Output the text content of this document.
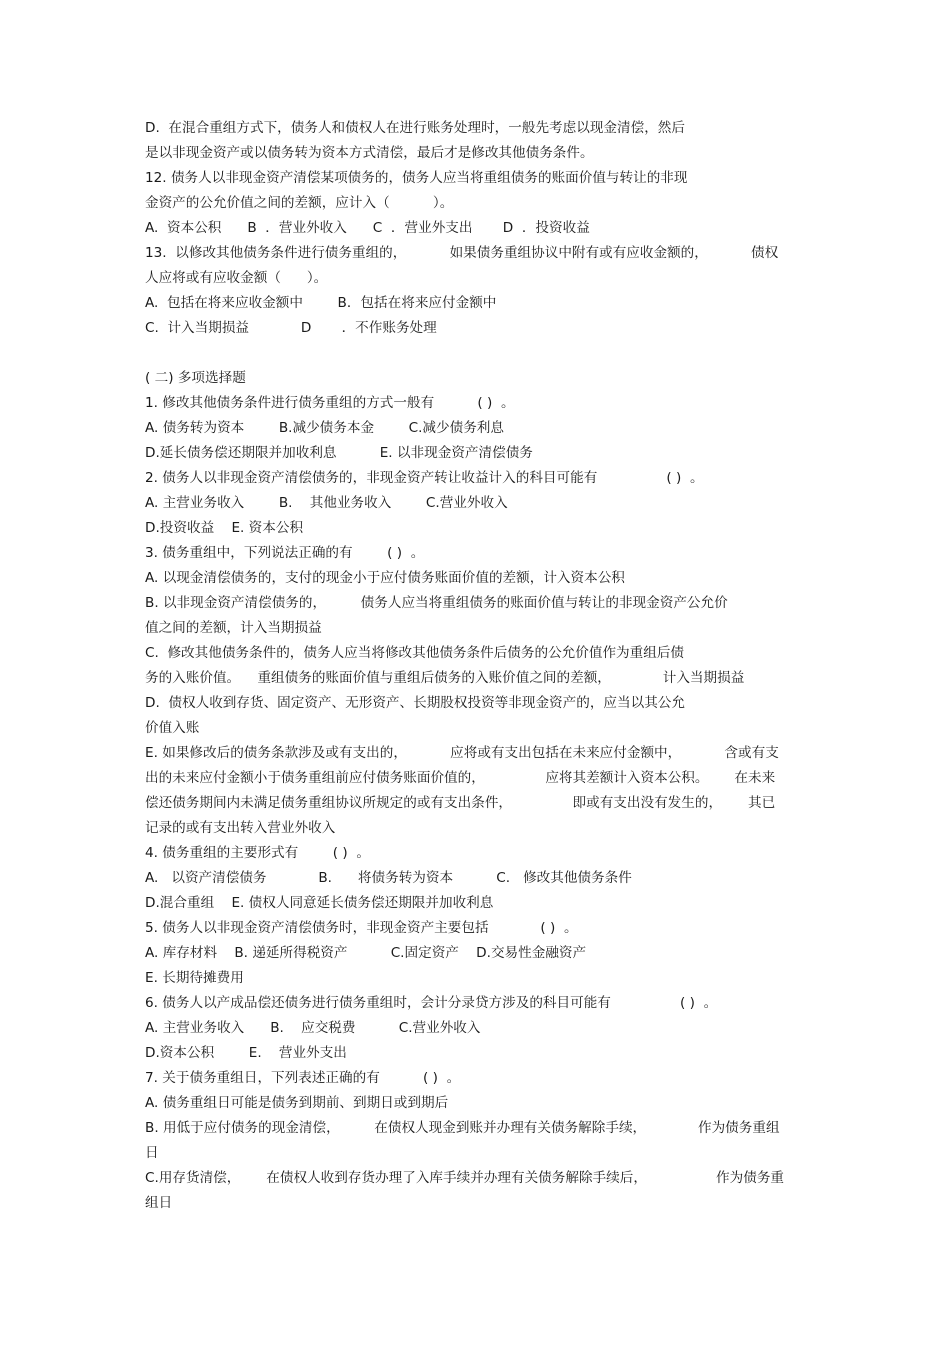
D.  在混合重组方式下，债务人和债权人在进行账务处理时，一般先考虑以现金清偿，然后
是以非现金资产或以债务转为资本方式清偿，最后才是修改其他债务条件。
12. 债务人以非现金资产清偿某项债务的，债务人应当将重组债务的账面价值与转让的非现
金资产的公允价值之间的差额，应计入（          ）。
A.  资本公积      B  ．营业外收入      C  ．营业外支出       D  ．投资收益
13.  以修改其他债务条件进行债务重组的，          如果债务重组协议中附有或有应收金额的，          债权
人应将或有应收金额（      ）。
A.  包括在将来应收金额中        B．包括在将来应付金额中
C.  计入当期损益            D       ．不作账务处理
( 二) 多项选择题
1. 修改其他债务条件进行债务重组的方式一般有          ( )  。
A. 债务转为资本        B.减少债务本金        C.减少债务利息
D.延长债务偿还期限并加收利息          E. 以非现金资产清偿债务
2. 债务人以非现金资产清偿债务的，非现金资产转让收益计入的科目可能有                ( )  。
A. 主营业务收入        B.    其他业务收入        C.营业外收入
D.投资收益    E. 资本公积
3. 债务重组中，下列说法正确的有        ( )  。
A. 以现金清偿债务的，支付的现金小于应付债务账面价值的差额，计入资本公积
B. 以非现金资产清偿债务的，        债务人应当将重组债务的账面价值与转让的非现金资产公允价
值之间的差额，计入当期损益
C.  修改其他债务条件的，债务人应当将修改其他债务条件后债务的公允价值作为重组后债
务的入账价值。    重组债务的账面价值与重组后债务的入账价值之间的差额，            计入当期损益
D.  债权人收到存货、固定资产、无形资产、长期股权投资等非现金资产的，应当以其公允
价值入账
E. 如果修改后的债务条款涉及或有支出的，          应将或有支出包括在未来应付金额中，          含或有支
出的未来应付金额小于债务重组前应付债务账面价值的，              应将其差额计入资本公积。      在未来
偿还债务期间内未满足债务重组协议所规定的或有支出条件，              即或有支出没有发生的，      其已
记录的或有支出转入营业外收入
4. 债务重组的主要形式有        ( )  。
A.   以资产清偿债务            B.      将债务转为资本          C.   修改其他债务条件
D.混合重组    E. 债权人同意延长债务偿还期限并加收利息
5. 债务人以非现金资产清偿债务时，非现金资产主要包括            ( )  。
A. 库存材料    B. 递延所得税资产          C.固定资产    D.交易性金融资产
E. 长期待摊费用
6. 债务人以产成品偿还债务进行债务重组时，会计分录贷方涉及的科目可能有                ( )  。
A. 主营业务收入      B.    应交税费          C.营业外收入
D.资本公积        E.    营业外支出
7. 关于债务重组日，下列表述正确的有          ( )  。
A. 债务重组日可能是债务到期前、到期日或到期后
B. 用低于应付债务的现金清偿，        在债权人现金到账并办理有关债务解除手续，            作为债务重组
日
C.用存货清偿，      在债权人收到存货办理了入库手续并办理有关债务解除手续后，                作为债务重
组日
